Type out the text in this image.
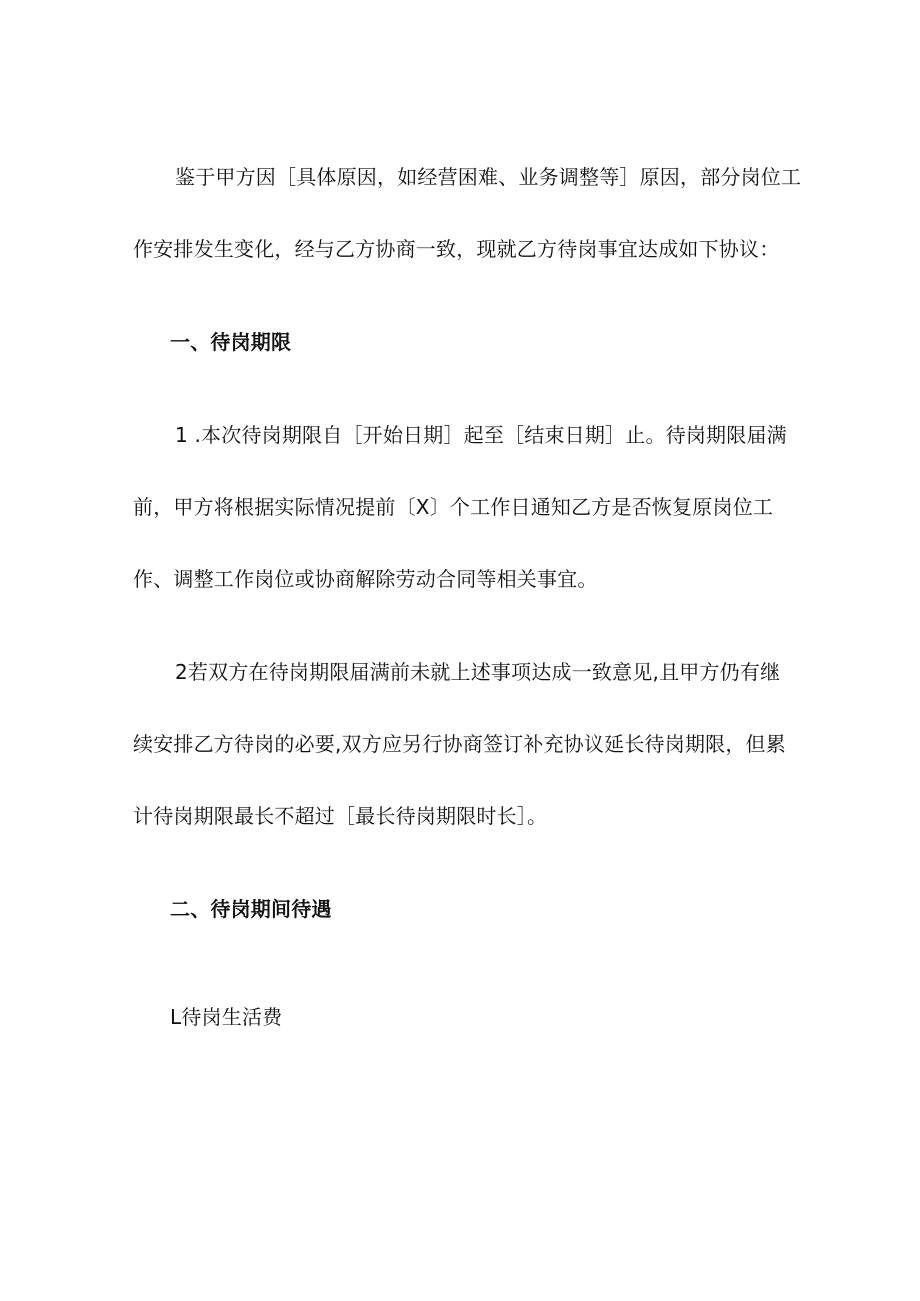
鉴于甲方因［具体原因，如经营困难、业务调整等］原因，部分岗位工

作安排发生变化，经与乙方协商一致，现就乙方待岗事宜达成如下协议：

一、待岗期限

1 .本次待岗期限自［开始日期］起至［结束日期］止。待岗期限届满

前，甲方将根据实际情况提前〔X〕个工作日通知乙方是否恢复原岗位工

作、调整工作岗位或协商解除劳动合同等相关事宜。

2若双方在待岗期限届满前未就上述事项达成一致意见,且甲方仍有继

续安排乙方待岗的必要,双方应另行协商签订补充协议延长待岗期限，但累

计待岗期限最长不超过［最长待岗期限时长］。

二、待岗期间待遇

L待岗生活费
